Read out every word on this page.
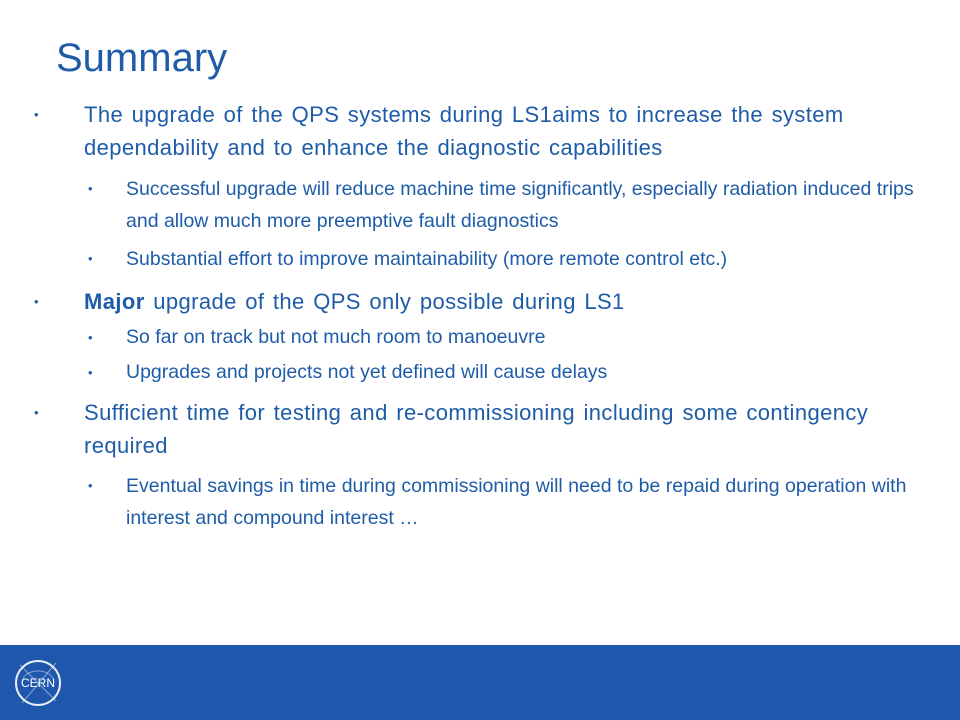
Summary
• The upgrade of the QPS systems during LS1aims to increase the system dependability and to enhance the diagnostic capabilities
• Successful upgrade will reduce machine time significantly, especially radiation induced trips and allow much more preemptive fault diagnostics
• Substantial effort to improve maintainability (more remote control etc.)
• Major upgrade of the QPS only possible during LS1
• So far on track but not much room to manoeuvre
• Upgrades and projects not yet defined will cause delays
• Sufficient time for testing and re-commissioning including some contingency required
• Eventual savings in time during commissioning will need to be repaid during operation with interest and compound interest …
CERN
